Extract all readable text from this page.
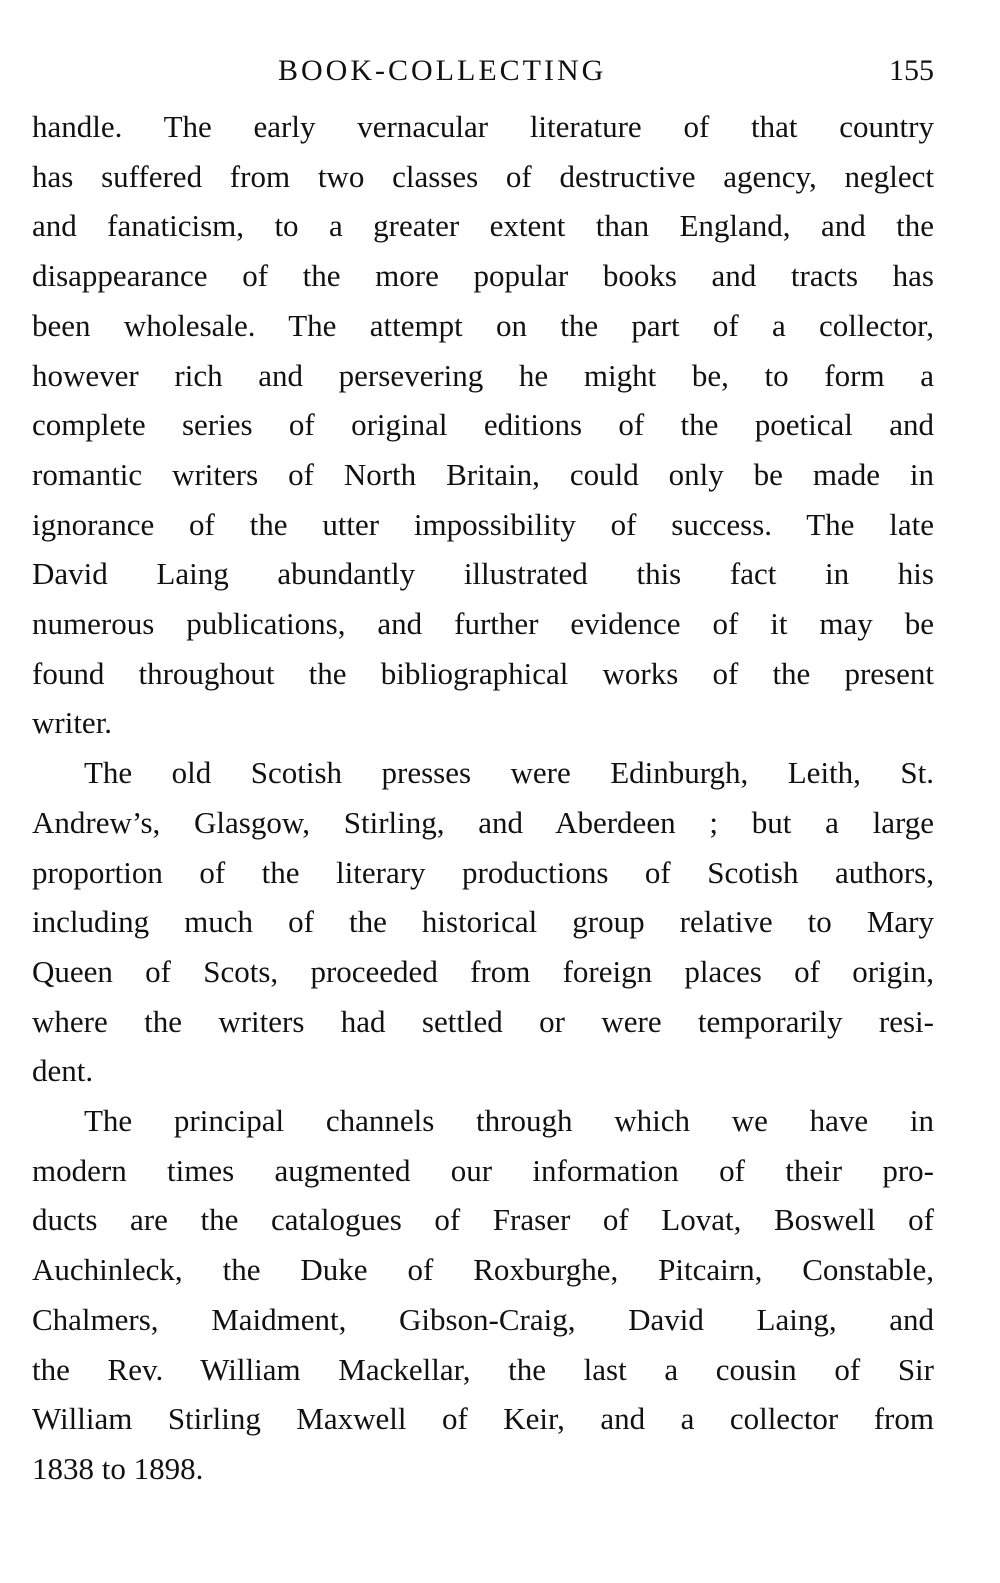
BOOK-COLLECTING	155
handle. The early vernacular literature of that country
has suffered from two classes of destructive agency, neglect
and fanaticism, to a greater extent than England, and the
disappearance of the more popular books and tracts has
been wholesale. The attempt on the part of a collector,
however rich and persevering he might be, to form a
complete series of original editions of the poetical and
romantic writers of North Britain, could only be made in
ignorance of the utter impossibility of success. The late
David Laing abundantly illustrated this fact in his
numerous publications, and further evidence of it may be
found throughout the bibliographical works of the present
writer.
The old Scotish presses were Edinburgh, Leith, St.
Andrew’s, Glasgow, Stirling, and Aberdeen ; but a large
proportion of the literary productions of Scotish authors,
including much of the historical group relative to Mary
Queen of Scots, proceeded from foreign places of origin,
where the writers had settled or were temporarily resi-
dent.
The principal channels through which we have in
modern times augmented our information of their pro-
ducts are the catalogues of Fraser of Lovat, Boswell of
Auchinleck, the Duke of Roxburghe, Pitcairn, Constable,
Chalmers, Maidment, Gibson-Craig, David Laing, and
the Rev. William Mackellar, the last a cousin of Sir
William Stirling Maxwell of Keir, and a collector from
1838 to 1898.
